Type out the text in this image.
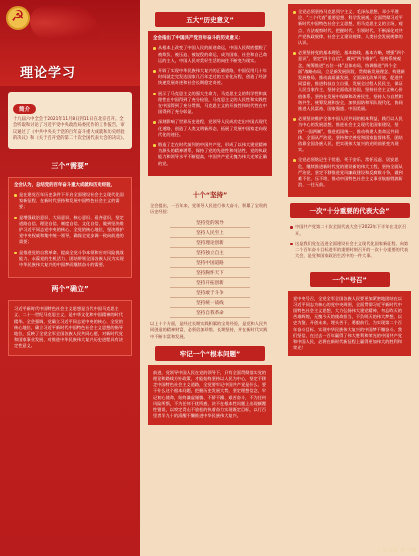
☭
理论学习
简介
十九届六中全会于2021年11月8日到11日在北京召开。全会听取和讨论了习近平受中央政治局委托作的工作报告，审议通过了《中共中央关于党的百年奋斗重大成就和历史经验的决议》和《关于召开党的第二十次全国代表大会的决议》。
三个“需要”
全会认为，总结党的百年奋斗重大成就和历史经验，
是在建党百年历史条件下开启全面建设社会主义现代化国家新征程、在新时代坚持和发展中国特色社会主义的需要；
是增强政治意识、大局意识、核心意识、看齐意识，坚定道路自信、理论自信、制度自信、文化自信，做到坚决维护习近平同志党中央的核心、全党的核心地位，坚决维护党中央权威和集中统一领导，确保全党步调一致向前进的需要；
是推进党的自我革命、提高全党斗争本领和应对风险挑战能力、永葆党的生机活力、团结带领全国各族人民为实现中华民族伟大复兴的中国梦而继续奋斗的需要。
两个“确立”
习近平新时代中国特色社会主义思想是当代中国马克思主义、二十一世纪马克思主义，是中华文化和中国精神的时代精华。全会强调，党确立习近平同志党中央的核心、全党的核心地位，确立习近平新时代中国特色社会主义思想的指导地位，反映了全党全军全国各族人民共同心愿，对新时代党和国家事业发展、对推进中华民族伟大复兴历史进程具有决定性意义。
五大“历史意义”
全会指出了中国共产党百年奋斗的历史意义：
从根本上改变了中国人民的前途命运，中国人民彻底摆脱了被欺负、被压迫、被奴役的命运，成为国家、社会和自己命运的主人，中国人民对美好生活的向往不断变为现实。
开辟了实现中华民族伟大复兴的正确道路，中国仅用几十年时间就走完发达国家几百年走过的工业化历程，创造了经济快速发展奇迹和社会长期稳定奇迹。
展示了马克思主义的强大生命力，马克思主义的科学性和真理性在中国得到了充分检验，马克思主义的人民性和实践性在中国得到了充分贯彻，马克思主义的开放性和时代性在中国得到了充分彰显。
深刻影响了世界历史进程，党领导人民成功走出中国式现代化道路，创造了人类文明新形态，拓展了发展中国家走向现代化的途径。
锻造了走在时代前列的中国共产党，形成了以伟大建党精神为源头的精神谱系，保持了党的先进性和纯洁性，党的执政能力和领导水平不断提高，中国共产党无愧为伟大光荣正确的党。
十个“坚持”
全会提出，一百年来，党领导人民进行伟大奋斗，积累了宝贵的历史经验：
坚持党的领导
坚持人民至上
坚持理论创新
坚持独立自主
坚持中国道路
坚持胸怀天下
坚持开拓创新
坚持敢于斗争
坚持统一战线
坚持自我革命
以上十个方面，是经过长期实践积累的宝贵经验，是党和人民共同创造的精神财富，必须倍加珍惜、长期坚持，并在新时代实践中不断丰富和发展。
牢记一个“根本问题”
前进，党领导中国人民在党的领导下，只有全面贯彻落实党的理论和路线方针政策，才能始终坚持以人民为中心，坚定不移走中国特色社会主义道路，全党要牢记中国共产党是什么、要干什么这个根本问题，把握历史发展大势，坚定理想信念，牢记初心使命，始终谦虚谨慎、不骄不躁、艰苦奋斗，不为任何风险所惧，不为任何干扰所惑，决不在根本性问题上出现颠覆性错误，以咬定青山不放松的执着奋力实现既定目标，以行百里者半九十的清醒不懈推进中华民族伟大复兴。
全党必须坚持马克思列宁主义、毛泽东思想、邓小平理论、“三个代表”重要思想、科学发展观，全面贯彻习近平新时代中国特色社会主义思想，用马克思主义的立场、观点、方法观察时代、把握时代、引领时代，不断深化对共产党执政规律、社会主义建设规律、人类社会发展规律的认识。
必须坚持党的基本理论、基本路线、基本方略，增强“四个意识”，坚定“四个自信”，做到“两个维护”，坚持系统观念，统筹推进“五位一体”总体布局，协调推进“四个全面”战略布局，立足新发展阶段、贯彻新发展理念、构建新发展格局、推动高质量发展，全面深化改革开放，促进共同富裕，推进科技自立自强，发展全过程人民民主，保证人民当家作主，坚持全面依法治国，坚持社会主义核心价值体系，坚持在发展中保障和改善民生，坚持人与自然和谐共生，统筹发展和安全，加快国防和军队现代化，协同推进人民富裕、国家强盛、中国美丽。
必须坚决维护全体中国人民共同的根本利益，践行以人民为中心的发展思想，推进社会主义现代化国家建设，坚持“一国两制”，推进祖国统一，推动构建人类命运共同体，全面从严治党，坚持和完善党和国家监督体系，团结依靠全国各族人民，把实现伟大复兴的光明前景变为现实。
全党必须铭记生于忧患、死于安乐，常怀远虑、居安思危，继续推进新时代党的建设新的伟大工程，坚持全面从严治党，坚定不移推进党风廉政建设和反腐败斗争，做到难不住、压不垮，推动中国特色社会主义事业航船劈波斩浪、一往无前。
一次“十分重要的代表大会”
中国共产党第二十次全国代表大会于2022年下半年在北京召开。
这是我们党在迈进全面建设社会主义现代化国家新征程、向第二个百年奋斗目标进军的重要时刻召开的一次十分重要的代表大会，是党和国家政治生活中的一件大事。
一个“号召”
党中央号召，全党全军全国各族人民要更加紧密地团结在以习近平同志为核心的党中央周围，全面贯彻习近平新时代中国特色社会主义思想，大力弘扬伟大建党精神，勿忘昨天的苦难辉煌，无愧今天的使命担当，不负明天的伟大梦想，以史为鉴、开创未来，埋头苦干、勇毅前行，为实现第二个百年奋斗目标、实现中华民族伟大复兴的中国梦不懈奋斗。我们坚信，在过去一百年赢得了伟大胜利和荣光的中国共产党和中国人民，必将在新时代新征程上赢得更加伟大的胜利和荣光！
人民日报 客户端
